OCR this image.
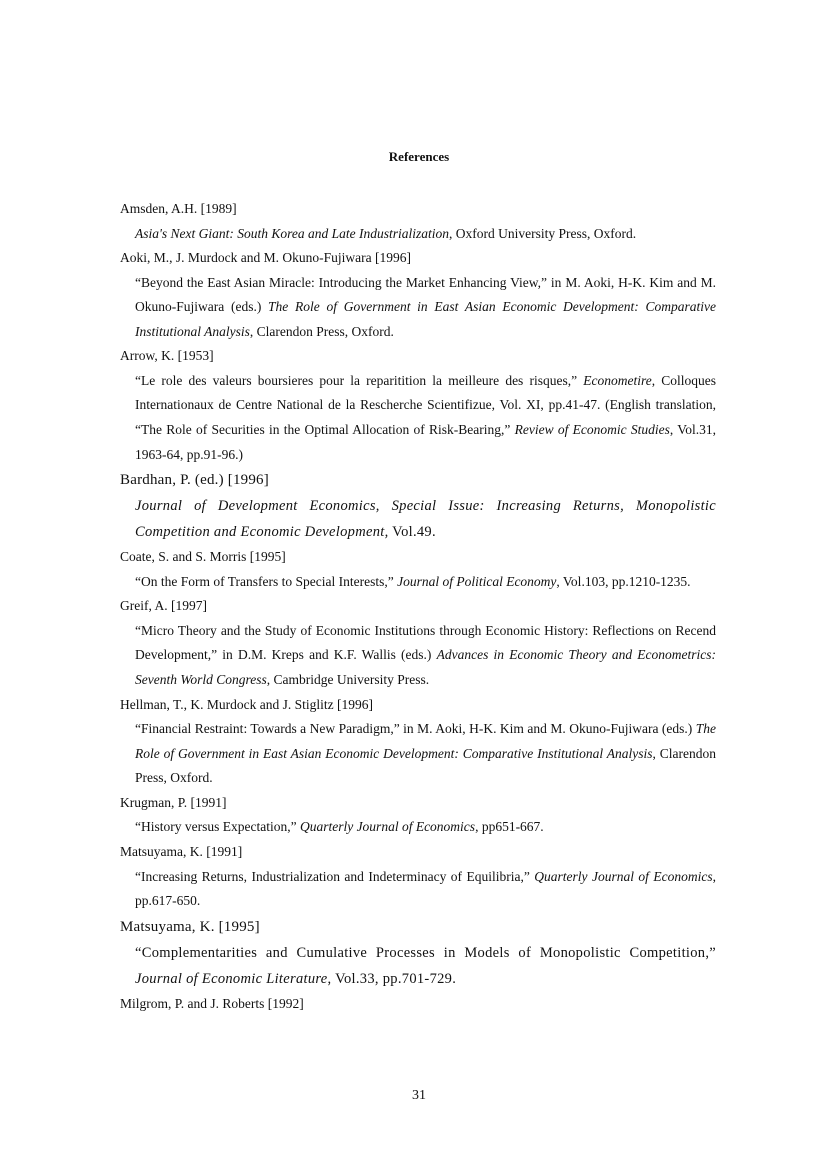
References
Amsden, A.H. [1989]
Asia's Next Giant: South Korea and Late Industrialization, Oxford University Press, Oxford.
Aoki, M., J. Murdock and M. Okuno-Fujiwara [1996]
“Beyond the East Asian Miracle: Introducing the Market Enhancing View,” in M. Aoki, H-K. Kim and M. Okuno-Fujiwara (eds.) The Role of Government in East Asian Economic Development: Comparative Institutional Analysis, Clarendon Press, Oxford.
Arrow, K. [1953]
“Le role des valeurs boursieres pour la reparitition la meilleure des risques,” Econometire, Colloques Internationaux de Centre National de la Rescherche Scientifizue, Vol. XI, pp.41-47. (English translation, “The Role of Securities in the Optimal Allocation of Risk-Bearing,” Review of Economic Studies, Vol.31, 1963-64, pp.91-96.)
Bardhan, P. (ed.) [1996]
Journal of Development Economics, Special Issue: Increasing Returns, Monopolistic Competition and Economic Development, Vol.49.
Coate, S. and S. Morris [1995]
“On the Form of Transfers to Special Interests,” Journal of Political Economy, Vol.103, pp.1210-1235.
Greif, A. [1997]
“Micro Theory and the Study of Economic Institutions through Economic History: Reflections on Recend Development,” in D.M. Kreps and K.F. Wallis (eds.) Advances in Economic Theory and Econometrics: Seventh World Congress, Cambridge University Press.
Hellman, T., K. Murdock and J. Stiglitz [1996]
“Financial Restraint: Towards a New Paradigm,” in M. Aoki, H-K. Kim and M. Okuno-Fujiwara (eds.) The Role of Government in East Asian Economic Development: Comparative Institutional Analysis, Clarendon Press, Oxford.
Krugman, P. [1991]
“History versus Expectation,” Quarterly Journal of Economics, pp651-667.
Matsuyama, K. [1991]
“Increasing Returns, Industrialization and Indeterminacy of Equilibria,” Quarterly Journal of Economics, pp.617-650.
Matsuyama, K. [1995]
“Complementarities and Cumulative Processes in Models of Monopolistic Competition,” Journal of Economic Literature, Vol.33, pp.701-729.
Milgrom, P. and J. Roberts [1992]
31
